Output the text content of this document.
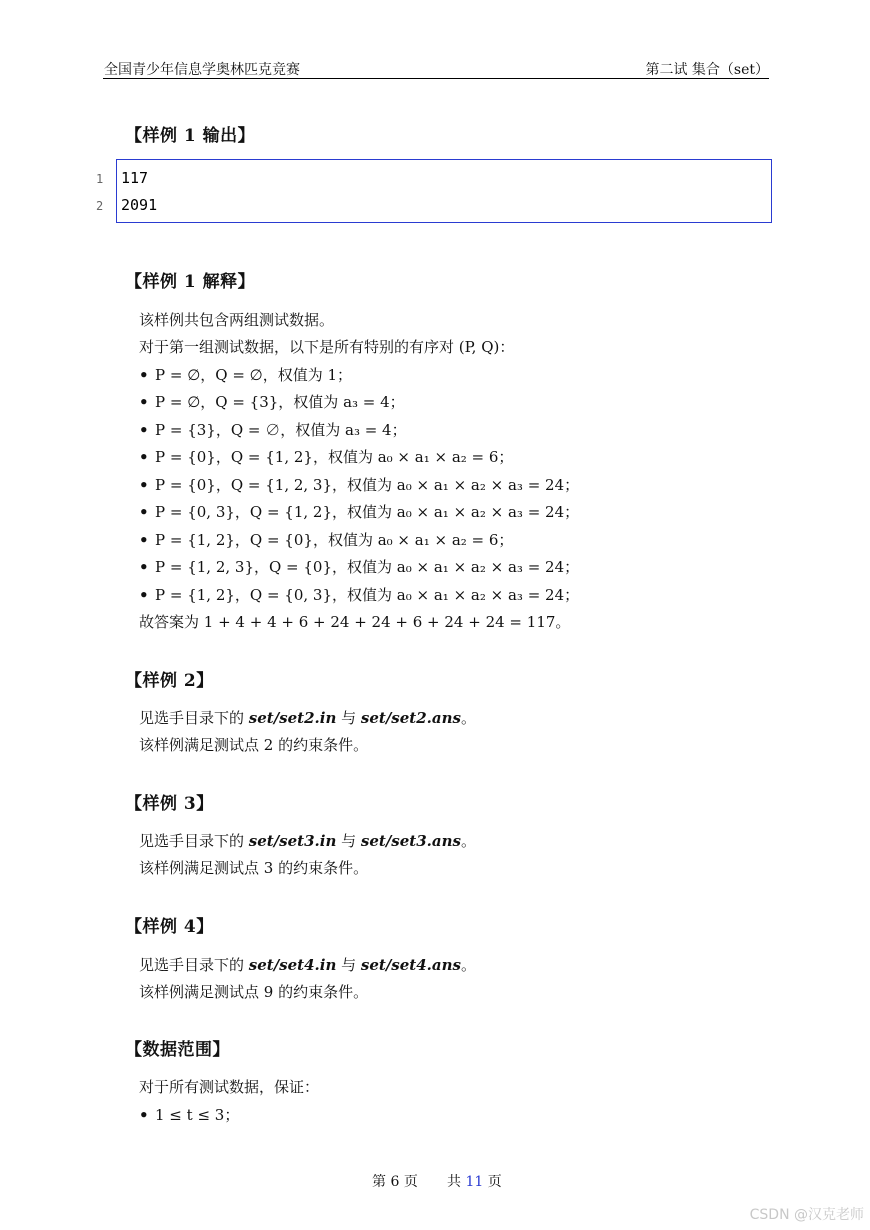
全国青少年信息学奥林匹克竞赛	第二试 集合（set）
【样例 1 输出】
1 117
2 2091
【样例 1 解释】
该样例共包含两组测试数据。
对于第一组测试数据，以下是所有特别的有序对 (P, Q)：
• P = ∅，Q = ∅，权值为 1；
• P = ∅，Q = {3}，权值为 a₃ = 4；
• P = {3}，Q = ∅，权值为 a₃ = 4；
• P = {0}，Q = {1, 2}，权值为 a₀ × a₁ × a₂ = 6；
• P = {0}，Q = {1, 2, 3}，权值为 a₀ × a₁ × a₂ × a₃ = 24；
• P = {0, 3}，Q = {1, 2}，权值为 a₀ × a₁ × a₂ × a₃ = 24；
• P = {1, 2}，Q = {0}，权值为 a₀ × a₁ × a₂ = 6；
• P = {1, 2, 3}，Q = {0}，权值为 a₀ × a₁ × a₂ × a₃ = 24；
• P = {1, 2}，Q = {0, 3}，权值为 a₀ × a₁ × a₂ × a₃ = 24；
故答案为 1 + 4 + 4 + 6 + 24 + 24 + 6 + 24 + 24 = 117。
【样例 2】
见选手目录下的 set/set2.in 与 set/set2.ans。
该样例满足测试点 2 的约束条件。
【样例 3】
见选手目录下的 set/set3.in 与 set/set3.ans。
该样例满足测试点 3 的约束条件。
【样例 4】
见选手目录下的 set/set4.in 与 set/set4.ans。
该样例满足测试点 9 的约束条件。
【数据范围】
对于所有测试数据，保证：
• 1 ≤ t ≤ 3；
第 6 页 共 11 页
CSDN @汉克老师
